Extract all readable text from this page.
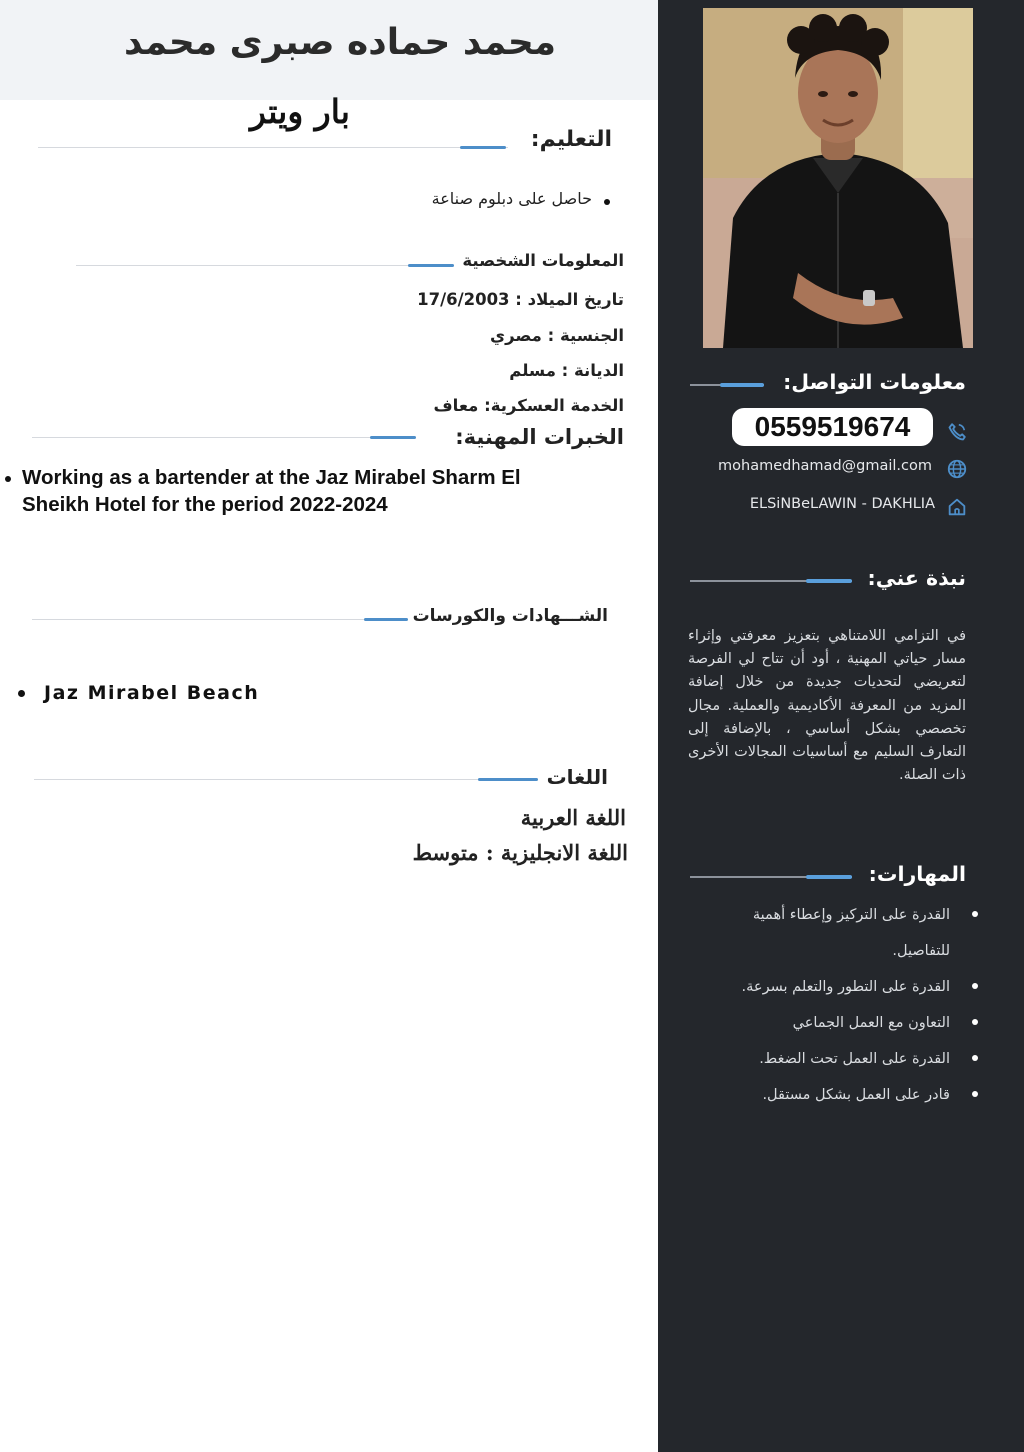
محمد حماده صبرى محمد
بار ويتر
التعليم:
حاصل على دبلوم صناعة
المعلومات الشخصية
تاريخ الميلاد : 17/6/2003
الجنسية : مصري
الديانة : مسلم
الخدمة العسكرية: معاف
الخبرات المهنية:
Working as a bartender at the Jaz Mirabel Sharm El Sheikh Hotel for the period 2022-2024
الشـــهادات والكورسات
Jaz Mirabel Beach
اللغات
اللغة العربية
اللغة الانجليزية : متوسط
معلومات التواصل:
0559519674
mohamedhamad@gmail.com
ELSiNBeLAWIN - DAKHLIA
نبذة عني:
في التزامي اللامتناهي بتعزيز معرفتي وإثراء مسار حياتي المهنية ، أود أن تتاح لي الفرصة لتعريضي لتحديات جديدة من خلال إضافة المزيد من المعرفة الأكاديمية والعملية. مجال تخصصي بشكل أساسي ، بالإضافة إلى التعارف السليم مع أساسيات المجالات الأخرى ذات الصلة.
المهارات:
القدرة على التركيز وإعطاء أهمية للتفاصيل.
القدرة على التطور والتعلم بسرعة.
التعاون مع العمل الجماعي
القدرة على العمل تحت الضغط.
قادر على العمل بشكل مستقل.
